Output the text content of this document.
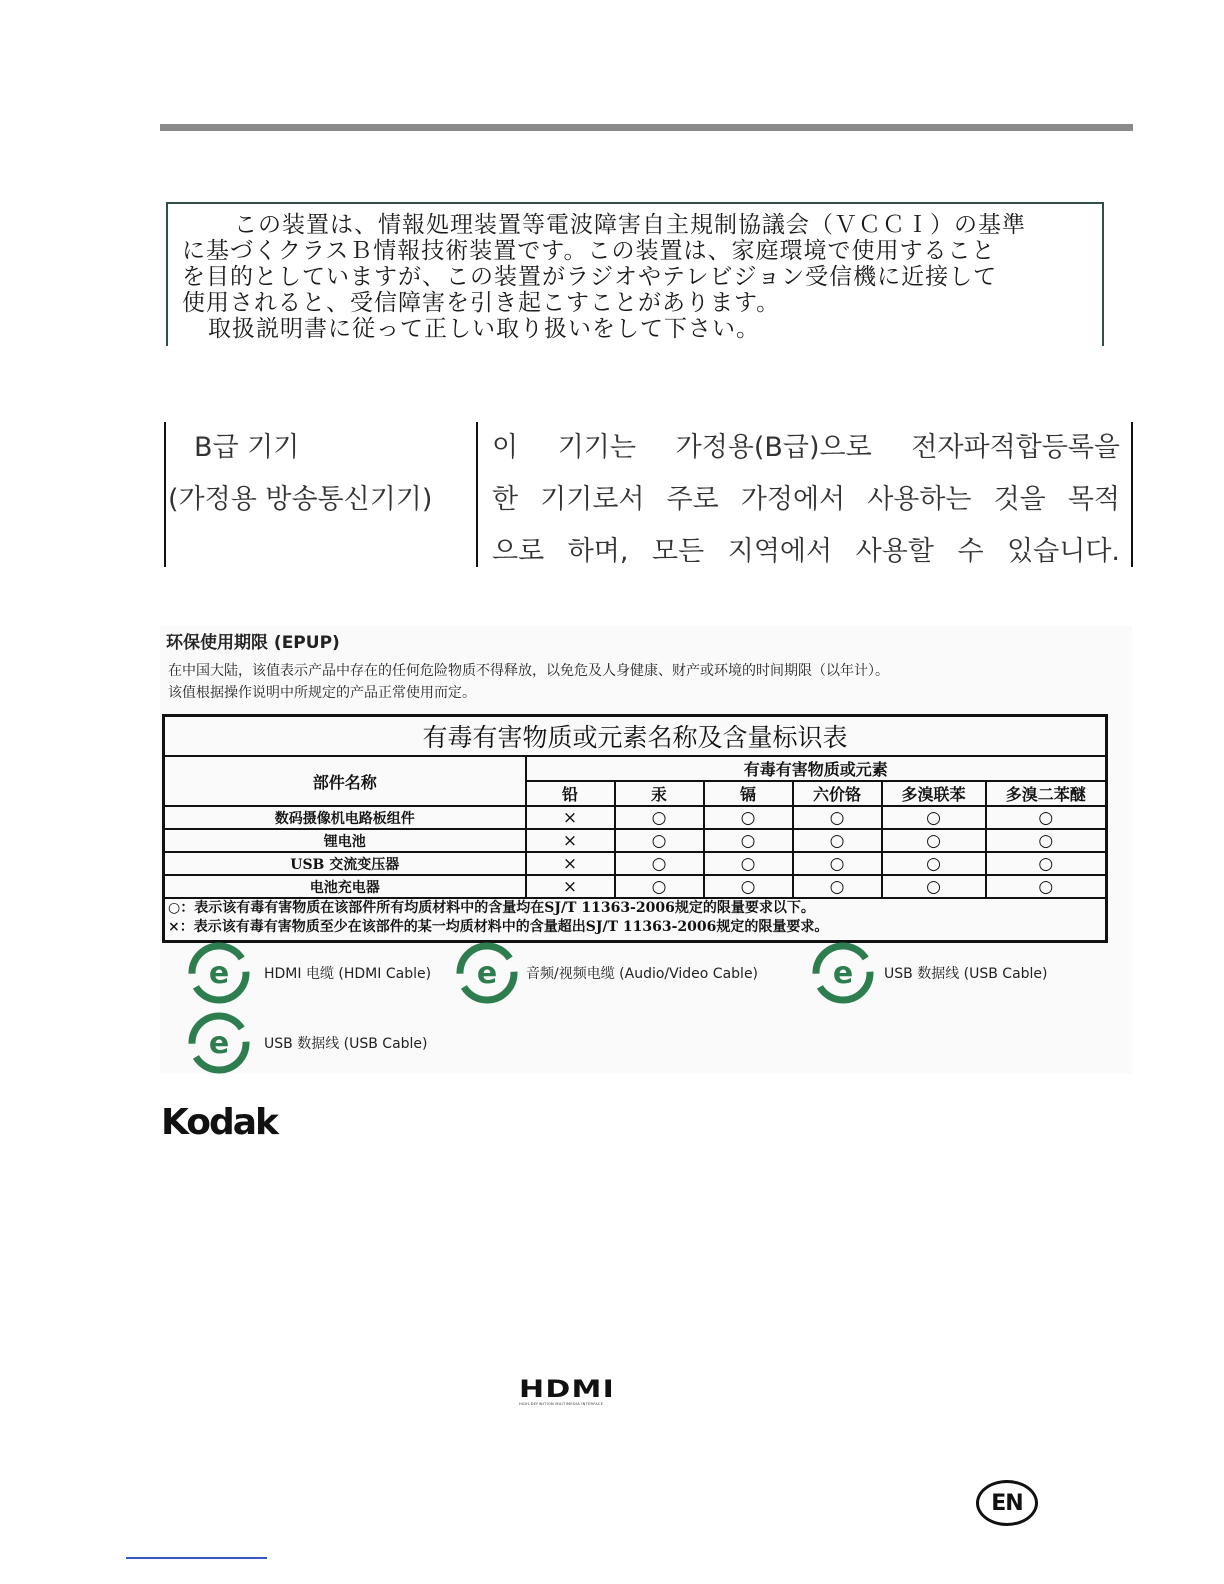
この装置は、情報処理装置等電波障害自主規制協議会（ＶＣＣＩ）の基準
に基づくクラスＢ情報技術装置です。この装置は、家庭環境で使用すること
を目的としていますが、この装置がラジオやテレビジョン受信機に近接して
使用されると、受信障害を引き起こすことがあります。
取扱説明書に従って正しい取り扱いをして下さい。
B급 기기
(가정용 방송통신기기)
이 기기는 가정용(B급)으로 전자파적합등록을
한 기기로서 주로 가정에서 사용하는 것을 목적
으로 하며, 모든 지역에서 사용할 수 있습니다.
环保使用期限 (EPUP)
在中国大陆，该值表示产品中存在的任何危险物质不得释放，以免危及人身健康、财产或环境的时间期限（以年计）。
该值根据操作说明中所规定的产品正常使用而定。
有毒有害物质或元素名称及含量标识表						
部件名称	有毒有害物质或元素					
	铅	汞	镉	六价铬	多溴联苯	多溴二苯醚
数码摄像机电路板组件	×	○	○	○	○	○
锂电池	×	○	○	○	○	○
USB 交流变压器	×	○	○	○	○	○
电池充电器	×	○	○	○	○	○
○：表示该有毒有害物质在该部件所有均质材料中的含量均在SJ/T 11363-2006规定的限量要求以下。						
×：表示该有毒有害物质至少在该部件的某一均质材料中的含量超出SJ/T 11363-2006规定的限量要求。						
e HDMI 电缆 (HDMI Cable) e 音频/视频电缆 (Audio/Video Cable) e USB 数据线 (USB Cable)
e USB 数据线 (USB Cable)
Kodak
HDMI
HIGH-DEFINITION MULTIMEDIA INTERFACE
EN
